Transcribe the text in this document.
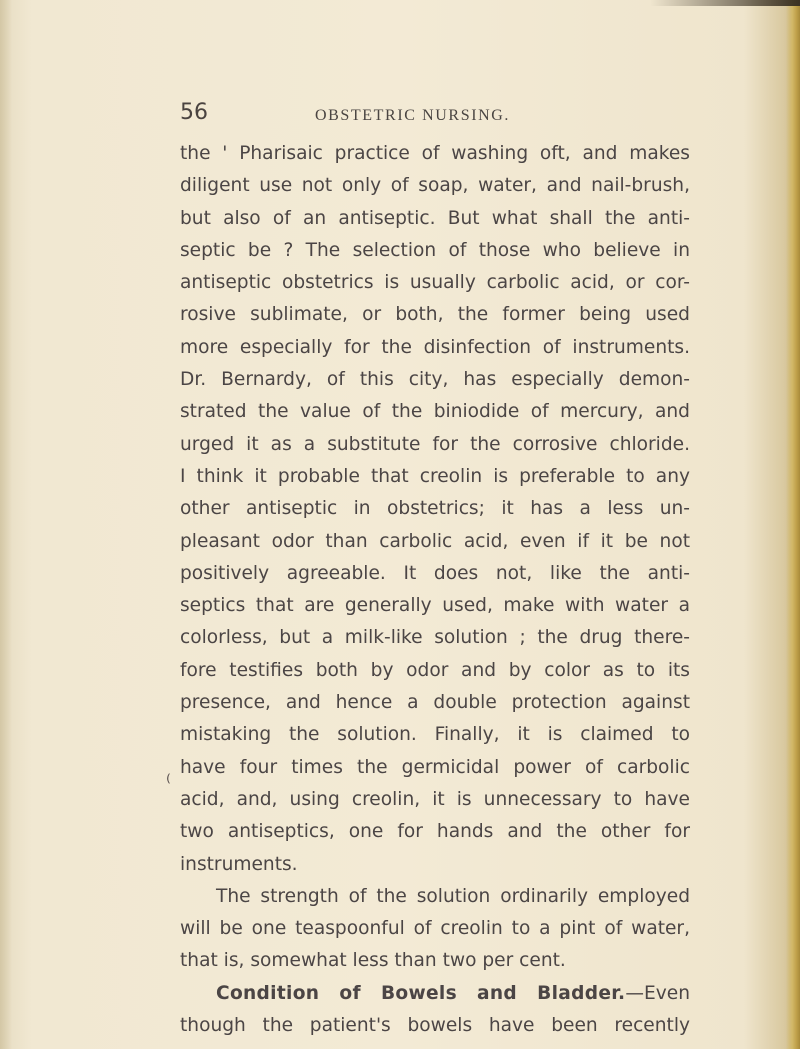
56	OBSTETRIC NURSING.
the ' Pharisaic practice of washing oft, and makes
diligent use not only of soap, water, and nail-brush,
but also of an antiseptic. But what shall the anti-
septic be ? The selection of those who believe in
antiseptic obstetrics is usually carbolic acid, or cor-
rosive sublimate, or both, the former being used
more especially for the disinfection of instruments.
Dr. Bernardy, of this city, has especially demon-
strated the value of the biniodide of mercury, and
urged it as a substitute for the corrosive chloride.
I think it probable that creolin is preferable to any
other antiseptic in obstetrics; it has a less un-
pleasant odor than carbolic acid, even if it be not
positively agreeable. It does not, like the anti-
septics that are generally used, make with water a
colorless, but a milk-like solution ; the drug there-
fore testifies both by odor and by color as to its
presence, and hence a double protection against
mistaking the solution. Finally, it is claimed to
have four times the germicidal power of carbolic
acid, and, using creolin, it is unnecessary to have
two antiseptics, one for hands and the other for
instruments.
The strength of the solution ordinarily employed
will be one teaspoonful of creolin to a pint of water,
that is, somewhat less than two per cent.
Condition of Bowels and Bladder.—Even
though the patient's bowels have been recently
⁽
